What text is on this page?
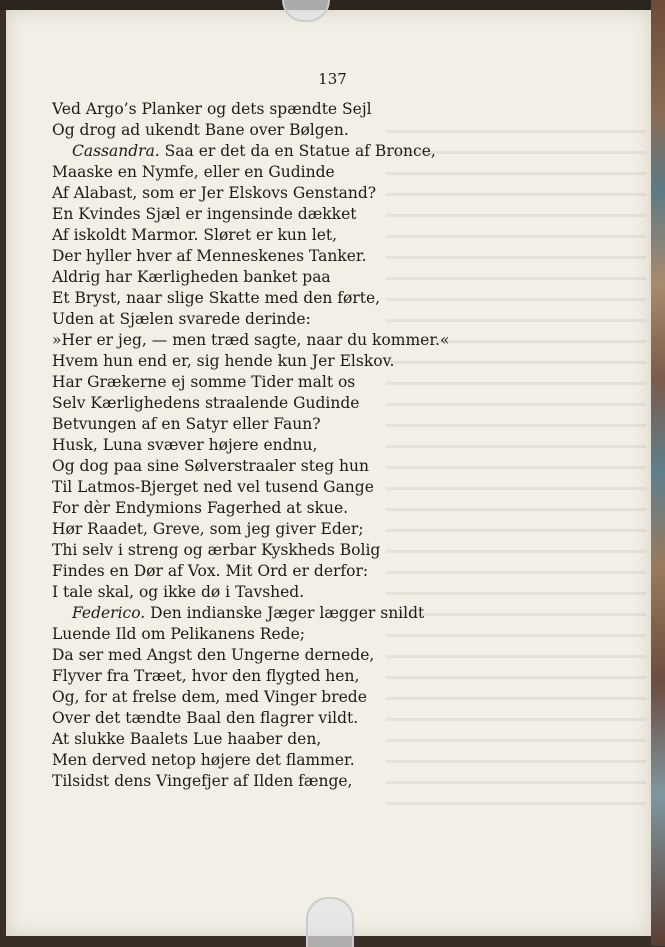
137
Ved Argo’s Planker og dets spændte Sejl
Og drog ad ukendt Bane over Bølgen.
Cassandra. Saa er det da en Statue af Bronce,
Maaske en Nymfe, eller en Gudinde
Af Alabast, som er Jer Elskovs Genstand?
En Kvindes Sjæl er ingensinde dækket
Af iskoldt Marmor. Sløret er kun let,
Der hyller hver af Menneskenes Tanker.
Aldrig har Kærligheden banket paa
Et Bryst, naar slige Skatte med den førte,
Uden at Sjælen svarede derinde:
»Her er jeg, — men træd sagte, naar du kommer.«
Hvem hun end er, sig hende kun Jer Elskov.
Har Grækerne ej somme Tider malt os
Selv Kærlighedens straalende Gudinde
Betvungen af en Satyr eller Faun?
Husk, Luna svæver højere endnu,
Og dog paa sine Sølverstraaler steg hun
Til Latmos-Bjerget ned vel tusend Gange
For dèr Endymions Fagerhed at skue.
Hør Raadet, Greve, som jeg giver Eder;
Thi selv i streng og ærbar Kyskheds Bolig
Findes en Dør af Vox. Mit Ord er derfor:
I tale skal, og ikke dø i Tavshed.
Federico. Den indianske Jæger lægger snildt
Luende Ild om Pelikanens Rede;
Da ser med Angst den Ungerne dernede,
Flyver fra Træet, hvor den flygted hen,
Og, for at frelse dem, med Vinger brede
Over det tændte Baal den flagrer vildt.
At slukke Baalets Lue haaber den,
Men derved netop højere det flammer.
Tilsidst dens Vingefjer af Ilden fænge,
